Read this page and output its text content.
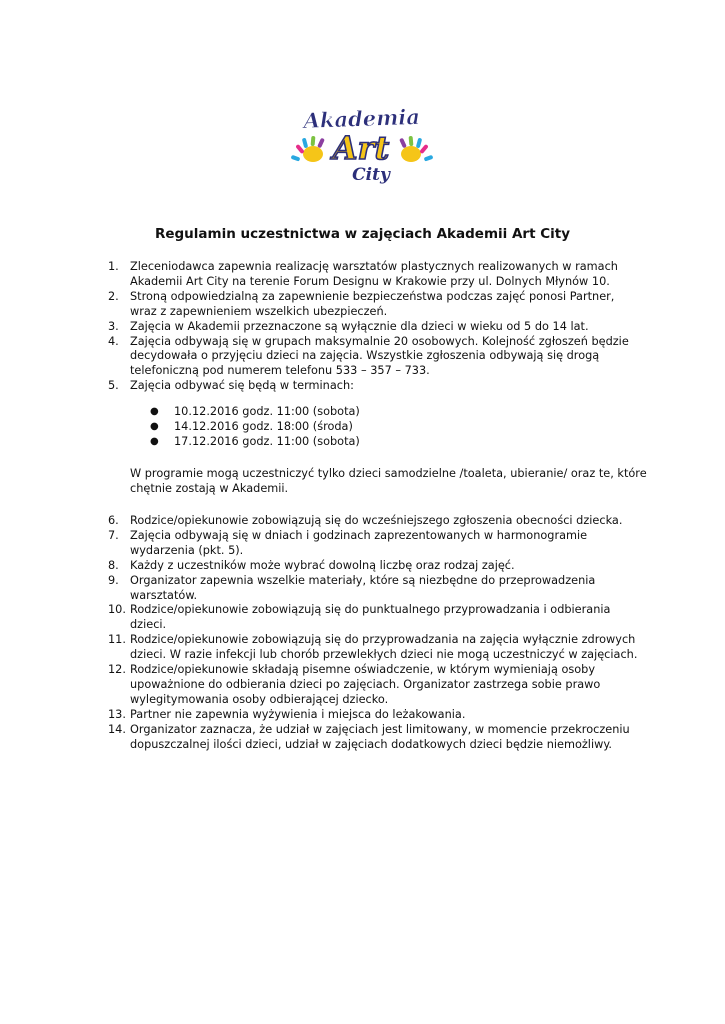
Akademia
Art
City
Regulamin uczestnictwa w zajęciach Akademii Art City
1. Zleceniodawca zapewnia realizację warsztatów plastycznych realizowanych w ramach Akademii Art City na terenie Forum Designu w Krakowie przy ul. Dolnych Młynów 10.
2. Stroną odpowiedzialną za zapewnienie bezpieczeństwa podczas zajęć ponosi Partner, wraz z zapewnieniem wszelkich ubezpieczeń.
3. Zajęcia w Akademii przeznaczone są wyłącznie dla dzieci w wieku od 5 do 14 lat.
4. Zajęcia odbywają się w grupach maksymalnie 20 osobowych. Kolejność zgłoszeń będzie decydowała o przyjęciu dzieci na zajęcia. Wszystkie zgłoszenia odbywają się drogą telefoniczną pod numerem telefonu 533 – 357 – 733.
5. Zajęcia odbywać się będą w terminach:
●	10.12.2016 godz. 11:00 (sobota)
●	14.12.2016 godz. 18:00 (środa)
●	17.12.2016 godz. 11:00 (sobota)
W programie mogą uczestniczyć tylko dzieci samodzielne /toaleta, ubieranie/ oraz te, które chętnie zostają w Akademii.
6. Rodzice/opiekunowie zobowiązują się do wcześniejszego zgłoszenia obecności dziecka.
7. Zajęcia odbywają się w dniach i godzinach zaprezentowanych w harmonogramie wydarzenia (pkt. 5).
8. Każdy z uczestników może wybrać dowolną liczbę oraz rodzaj zajęć.
9. Organizator zapewnia wszelkie materiały, które są niezbędne do przeprowadzenia warsztatów.
10. Rodzice/opiekunowie zobowiązują się do punktualnego przyprowadzania i odbierania dzieci.
11. Rodzice/opiekunowie zobowiązują się do przyprowadzania na zajęcia wyłącznie zdrowych dzieci. W razie infekcji lub chorób przewlekłych dzieci nie mogą uczestniczyć w zajęciach.
12. Rodzice/opiekunowie składają pisemne oświadczenie, w którym wymieniają osoby upoważnione do odbierania dzieci po zajęciach. Organizator zastrzega sobie prawo wylegitymowania osoby odbierającej dziecko.
13. Partner nie zapewnia wyżywienia i miejsca do leżakowania.
14. Organizator zaznacza, że udział w zajęciach jest limitowany, w momencie przekroczeniu dopuszczalnej ilości dzieci, udział w zajęciach dodatkowych dzieci będzie niemożliwy.
